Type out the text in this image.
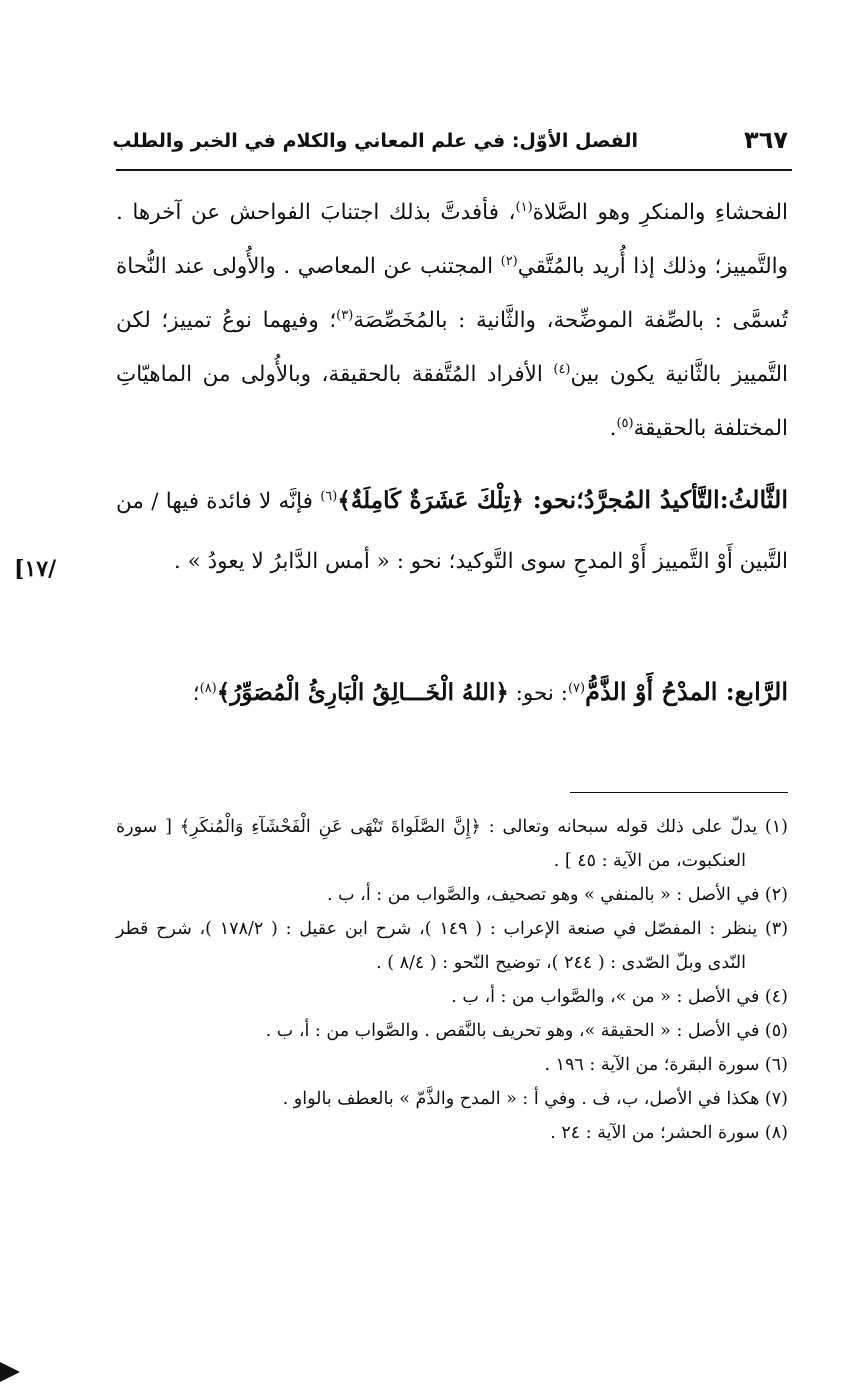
٣٦٧
الفصل الأوّل: في علم المعاني والكلام في الخبر والطلب

الفحشاءِ والمنكرِ وهو الصَّلاة$^{(١)}$، فأفدتَّ بذلك اجتنابَ الفواحش عن آخرها . والتَّمييز؛ وذلك إذا أُريد بالمُتَّقي$^{(٢)}$ المجتنب عن المعاصي . والأُولى عند النُّحاة تُسمَّى : بالصِّفة الموضِّحة، والثَّانية : بالمُخَصِّصَة$^{(٣)}$؛ وفيهما نوعُ تمييز؛ لكن التَّمييز بالثَّانية يكون بين$^{(٤)}$ الأفراد المُتَّفقة بالحقيقة، وبالأُولى من الماهيّاتِ المختلفة بالحقيقة$^{(٥)}$.

الثَّالثُ:التَّأكيدُ المُجرَّدُ؛نحو: ﴿تِلْكَ عَشَرَةٌ كَامِلَةٌ﴾$^{(٦)}$ فإنَّه لا فائدة فيها / من التَّبين أَوْ التَّمييز أَوْ المدحِ سوى التَّوكيد؛ نحو : « أمس الدَّابرُ لا يعودُ » .
/١٧]
الرَّابع: المدْحُ أَوْ الذَّمُّ$^{(٧)}$: نحو: ﴿اللهُ الْخَـــالِقُ الْبَارِئُ الْمُصَوِّرُ﴾$^{(٨)}$؛

(١) يدلّ على ذلك قوله سبحانه وتعالى : ﴿إِنَّ الصَّلَواةَ تَنْهَى عَنِ الْفَحْشَآءِ وَالْمُنكَرِ﴾ [ سورة العنكبوت، من الآية : ٤٥ ] .

(٢) في الأصل : « بالمنفي » وهو تصحيف، والصَّواب من : أ، ب .

(٣) ينظر : المفصّل في صنعة الإعراب : ( ١٤٩ )، شرح ابن عقيل : ( ١٧٨/٢ )، شرح قطر النّدى وبلّ الصّدى : ( ٢٤٤ )، توضيح النّحو : ( ٨/٤ ) .

(٤) في الأصل : « من »، والصَّواب من : أ، ب .

(٥) في الأصل : « الحقيقة »، وهو تحريف بالنَّقص . والصَّواب من : أ، ب .

(٦) سورة البقرة؛ من الآية : ١٩٦ .

(٧) هكذا في الأصل، ب، ف . وفي أ : « المدح والذَّمّ » بالعطف بالواو .

(٨) سورة الحشر؛ من الآية : ٢٤ .
